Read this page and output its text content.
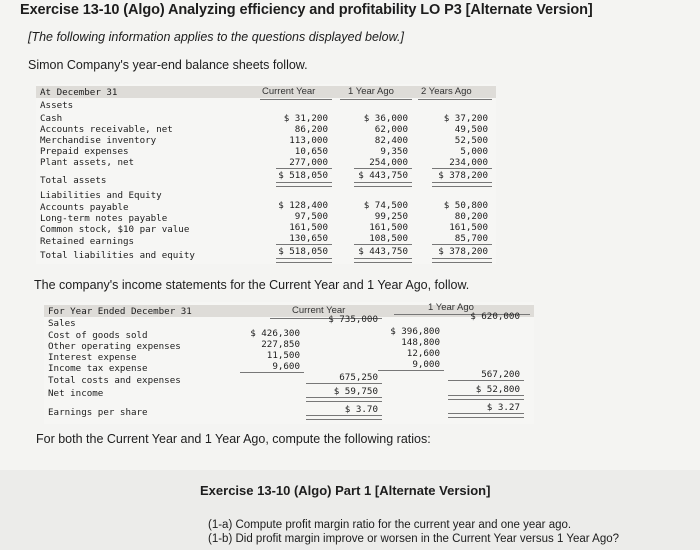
Exercise 13-10 (Algo) Analyzing efficiency and profitability LO P3 [Alternate Version]
[The following information applies to the questions displayed below.]
Simon Company's year-end balance sheets follow.
At December 31	Current Year	1 Year Ago	2 Years Ago
Assets
Cash	$ 31,200	$ 36,000	$ 37,200
Accounts receivable, net	86,200	62,000	49,500
Merchandise inventory	113,000	82,400	52,500
Prepaid expenses	10,650	9,350	5,000
Plant assets, net	277,000	254,000	234,000
Total assets	$ 518,050	$ 443,750	$ 378,200
Liabilities and Equity
Accounts payable	$ 128,400	$ 74,500	$ 50,800
Long-term notes payable	97,500	99,250	80,200
Common stock, $10 par value	161,500	161,500	161,500
Retained earnings	130,650	108,500	85,700
Total liabilities and equity	$ 518,050	$ 443,750	$ 378,200
The company's income statements for the Current Year and 1 Year Ago, follow.
For Year Ended December 31	Current Year	1 Year Ago
Sales	$ 735,000	$ 620,000
Cost of goods sold	$ 426,300	$ 396,800
Other operating expenses	227,850	148,800
Interest expense	11,500	12,600
Income tax expense	9,600	9,000
Total costs and expenses	675,250	567,200
Net income	$ 59,750	$ 52,800
Earnings per share	$ 3.70	$ 3.27
For both the Current Year and 1 Year Ago, compute the following ratios:
Exercise 13-10 (Algo) Part 1 [Alternate Version]
(1-a) Compute profit margin ratio for the current year and one year ago.
(1-b) Did profit margin improve or worsen in the Current Year versus 1 Year Ago?
